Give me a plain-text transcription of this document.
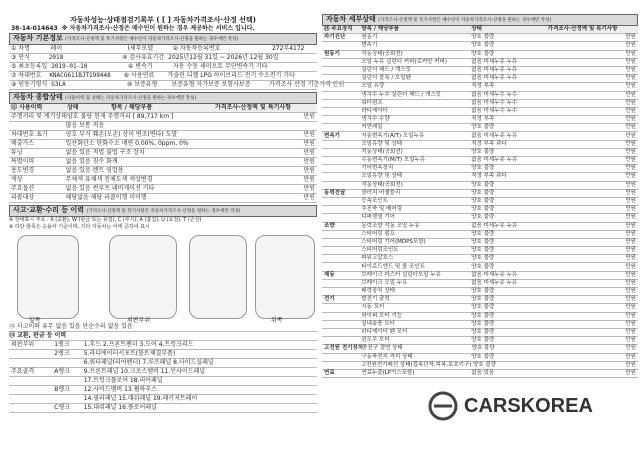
자동차성능·상태점검기록부 ( [ ] 자동차가격조사·산정 선택)
38-14-014643 ※ 자동차가격조사·산정은 매수인이 원하는 경우 제공하는 서비스 입니다.
자동차 기본정보 (가격조사·산정액 및 특기사항은 매수인이 자동차가격조사·산정을 원하는 경우에만 작성)
① 차명	레이	(세부모델	② 자동차등록번호	272루4172
③ 연식	2018	④ 검사유효기간 2025년12월 31일 ~ 2026년 12월 30일
⑤ 최초등록일 2019-01-10	⑥ 변속기	자동 수동 세미오토 무단변속기 기타
⑦ 차대번호	KNACG611BJT199448	⑧ 사용연료	가솔린 디젤 LPG 하이브리드 전기 수소전기 기타
⑨ 원동기형식 G3LA	⑩ 보증유형	보증유형 자가보증 보험사보증	가격조사 산정 기준가격 만원
자동차 종합상태 (사용이력 및 상태는 자동차가격조사·산정을 원하는 경우에만 작성)
⑪ 사용이력	상태	항목 / 해당부품	가격조사·산정액 및 특기사항
주행거리 및 계기상태 양호 불량 현재 주행거리 [ 89,717 km ]	만원
많음 보통 적음
차대번호 표기	양호 부식 훼손(오손) 상이 변조(변타) 도말	만원
배출가스	일산화탄소 탄화수소 매연 0.00%, 0ppm, 0%	만원
튜닝	없음 있음 적법 불법 구조 장치	만원
특별이력	없음 있음 침수 화재	만원
용도변경	없음 있음 렌트 영업용	만원
색상	무채색 유채색 전체도색 색상변경	만원
주요옵션	없음 있음 썬루프 네비게이션 기타	만원
리콜대상	해당없음 해당 리콜이행 미이행	만원
사고·교환·수리 등 이력 (가격조사·산정액 및 특기사항은 자동차가격조사·산정을 원하는 경우에만 작성)
※ 상태표시 부호 : X (교환), W (판금 또는 용접), C (부식), A (흠집), U (요철), T (손상)
※ 하단 항목은 승용차 기준이며, 기타 자동차는 이에 준하여 표시
앞쪽	외판부위	뒤쪽
⑫ 사고이력 유무 없음 있음 단순수리 없음 있음
⑬ 교환, 판금 등 이력
외판부위	1랭크	1.후드 2.프론트펜더 3.도어 4.트렁크리드
2랭크	5.라디에이터서포트(볼트체결부품)
6.쿼터패널(리어펜더) 7.루프패널 8.사이드실패널
주요골격	A랭크	9.프론트패널 10.크로스멤버 11.인사이드패널
17.트렁크플로어 18.리어패널
B랭크	12.사이드멤버 13.휠하우스
14.필러패널 15.대쉬패널 19.패키지트레이
C랭크	15.대쉬패널 16.플로어패널
자동차 세부상태 (가격조사·산정액 및 특기사항은 매수인이 자동차가격조사·산정을 원하는 경우에만 작성)
⑭ 주요장치	항목 / 해당부품	상태	가격조사·산정액 및 특기사항
자기진단	원동기	양호 불량	만원
변속기	양호 불량	만원
원동기	작동상태(공회전)	양호 불량	만원
오일 누유 실린더 커버(로커암 커버)	없음 미세누유 누유	만원
실린더 헤드 / 개스킷	없음 미세누유 누유	만원
실린더 블록 / 오일팬	없음 미세누유 누유	만원
오일 유량	적정 부족	만원
냉각수 누수 실린더 헤드 / 개스킷	없음 미세누수 누수	만원
워터펌프	없음 미세누수 누수	만원
라디에이터	없음 미세누수 누수	만원
냉각수 수량	적정 부족	만원
커먼레일	양호 불량	만원
변속기	자동변속기(A/T) 오일누유	없음 미세누유 누유	만원
오일유량 및 상태	적정 부족 과다	만원
작동상태(공회전)	양호 불량	만원
수동변속기(M/T) 오일누유	없음 미세누유 누유	만원
기어변속장치	양호 불량	만원
오일유량 및 상태	적정 부족 과다	만원
작동상태(공회전)	양호 불량	만원
동력전달	클러치 어셈블리	양호 불량	만원
등속조인트	양호 불량	만원
추진축 및 베어링	양호 불량	만원
디퍼렌셜 기어	양호 불량	만원
조향	동력조향 작동 오일 누유	없음 미세누유 누유	만원
스티어링 펌프	양호 불량	만원
스티어링 기어(MDPS포함)	양호 불량	만원
스티어링조인트	양호 불량	만원
파워고압호스	양호 불량	만원
타이로드엔드 및 볼 조인트	양호 불량	만원
제동	브레이크 마스터 실린더오일 누유	없음 미세누유 누유	만원
브레이크 오일 누유	없음 미세누유 누유	만원
배력장치 상태	양호 불량	만원
전기	발전기 출력	양호 불량	만원
시동 모터	양호 불량	만원
와이퍼 모터 기능	양호 불량	만원
실내송풍 모터	양호 불량	만원
라디에이터 팬 모터	양호 불량	만원
윈도우 모터	양호 불량	만원
고전원 전기장치
충전구 절연 상태	양호 불량	만원
구동축전지 격리 상태	양호 불량	만원
고전원전기배선 상태(접속단자,피복,보호기구) 양호 불량	만원
연료	연료누출(LP가스포함)	없음 있음	만원
CARSKOREA
